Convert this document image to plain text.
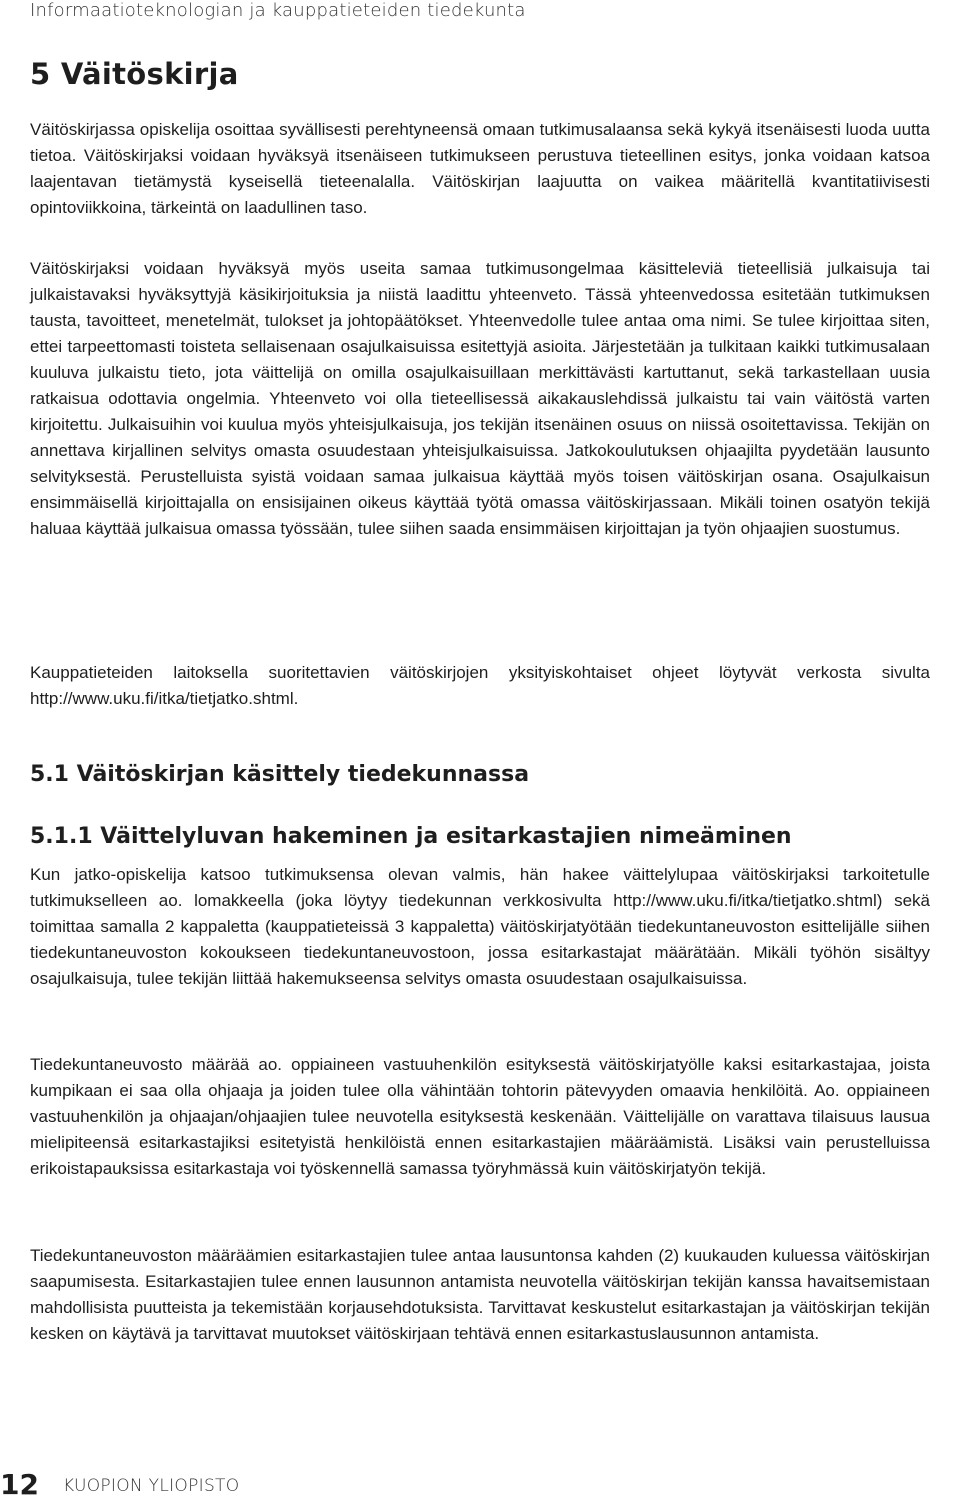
Informaatioteknologian ja kauppatieteiden tiedekunta
5 Väitöskirja

Väitöskirjassa opiskelija osoittaa syvällisesti perehtyneensä omaan tutkimusalaansa sekä kykyä itsenäisesti luoda uutta tietoa. Väitöskirjaksi voidaan hyväksyä itsenäiseen tutkimukseen perustuva tieteellinen esitys, jonka voidaan katsoa laajentavan tietämystä kyseisellä tieteenalalla. Väitöskirjan laajuutta on vaikea määritellä kvantitatiivisesti opintoviikkoina, tärkeintä on laadullinen taso.

Väitöskirjaksi voidaan hyväksyä myös useita samaa tutkimusongelmaa käsitteleviä tieteellisiä julkaisuja tai julkaistavaksi hyväksyttyjä käsikirjoituksia ja niistä laadittu yhteenveto. Tässä yhteenvedossa esitetään tutkimuksen tausta, tavoitteet, menetelmät, tulokset ja johtopäätökset. Yhteenvedolle tulee antaa oma nimi. Se tulee kirjoittaa siten, ettei tarpeettomasti toisteta sellaisenaan osajulkaisuissa esitettyjä asioita. Järjestetään ja tulkitaan kaikki tutkimusalaan kuuluva julkaistu tieto, jota väittelijä on omilla osajulkaisuillaan merkittävästi kartuttanut, sekä tarkastellaan uusia ratkaisua odottavia ongelmia. Yhteenveto voi olla tieteellisessä aikakauslehdissä julkaistu tai vain väitöstä varten kirjoitettu. Julkaisuihin voi kuulua myös yhteisjulkaisuja, jos tekijän itsenäinen osuus on niissä osoitettavissa. Tekijän on annettava kirjallinen selvitys omasta osuudestaan yhteisjulkaisuissa. Jatkokoulutuksen ohjaajilta pyydetään lausunto selvityksestä. Perustelluista syistä voidaan samaa julkaisua käyttää myös toisen väitöskirjan osana. Osajulkaisun ensimmäisellä kirjoittajalla on ensisijainen oikeus käyttää työtä omassa väitöskirjassaan. Mikäli toinen osatyön tekijä haluaa käyttää julkaisua omassa työssään, tulee siihen saada ensimmäisen kirjoittajan ja työn ohjaajien suostumus.

Kauppatieteiden laitoksella suoritettavien väitöskirjojen yksityiskohtaiset ohjeet löytyvät verkosta sivulta http://www.uku.fi/itka/tietjatko.shtml.

5.1 Väitöskirjan käsittely tiedekunnassa
5.1.1 Väittelyluvan hakeminen ja esitarkastajien nimeäminen

Kun jatko-opiskelija katsoo tutkimuksensa olevan valmis, hän hakee väittelylupaa väitöskirjaksi tarkoitetulle tutkimukselleen ao. lomakkeella (joka löytyy tiedekunnan verkkosivulta http://www.uku.fi/itka/tietjatko.shtml) sekä toimittaa samalla 2 kappaletta (kauppatieteissä 3 kappaletta) väitöskirjatyötään tiedekuntaneuvoston esittelijälle siihen tiedekuntaneuvoston kokoukseen tiedekuntaneuvostoon, jossa esitarkastajat määrätään. Mikäli työhön sisältyy osajulkaisuja, tulee tekijän liittää hakemukseensa selvitys omasta osuudestaan osajulkaisuissa.

Tiedekuntaneuvosto määrää ao. oppiaineen vastuuhenkilön esityksestä väitöskirjatyölle kaksi esitarkastajaa, joista kumpikaan ei saa olla ohjaaja ja joiden tulee olla vähintään tohtorin pätevyyden omaavia henkilöitä. Ao. oppiaineen vastuuhenkilön ja ohjaajan/ohjaajien tulee neuvotella esityksestä keskenään. Väittelijälle on varattava tilaisuus lausua mielipiteensä esitarkastajiksi esitetyistä henkilöistä ennen esitarkastajien määräämistä. Lisäksi vain perustelluissa erikoistapauksissa esitarkastaja voi työskennellä samassa työryhmässä kuin väitöskirjatyön tekijä.

Tiedekuntaneuvoston määräämien esitarkastajien tulee antaa lausuntonsa kahden (2) kuukauden kuluessa väitöskirjan saapumisesta. Esitarkastajien tulee ennen lausunnon antamista neuvotella väitöskirjan tekijän kanssa havaitsemistaan mahdollisista puutteista ja tekemistään korjausehdotuksista. Tarvittavat keskustelut esitarkastajan ja väitöskirjan tekijän kesken on käytävä ja tarvittavat muutokset väitöskirjaan tehtävä ennen esitarkastuslausunnon antamista.

12 KUOPION YLIOPISTO
